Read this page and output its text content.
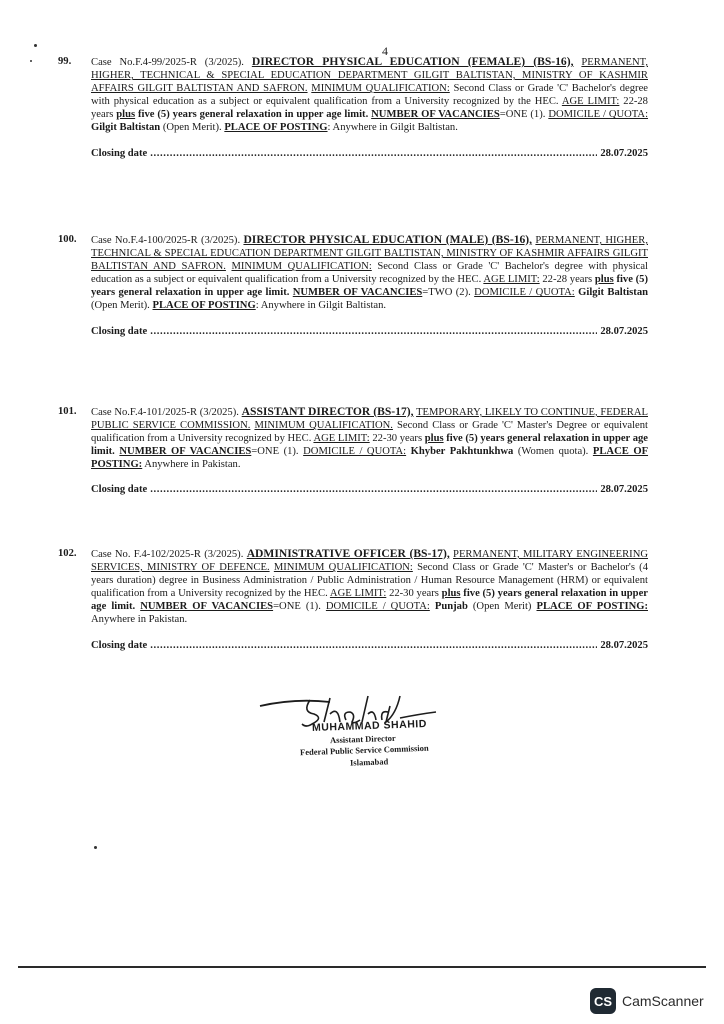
4
99. Case No.F.4-99/2025-R (3/2025). DIRECTOR PHYSICAL EDUCATION (FEMALE) (BS-16), PERMANENT, HIGHER, TECHNICAL & SPECIAL EDUCATION DEPARTMENT GILGIT BALTISTAN, MINISTRY OF KASHMIR AFFAIRS GILGIT BALTISTAN AND SAFRON. MINIMUM QUALIFICATION: Second Class or Grade 'C' Bachelor's degree with physical education as a subject or equivalent qualification from a University recognized by the HEC. AGE LIMIT: 22-28 years plus five (5) years general relaxation in upper age limit. NUMBER OF VACANCIES=ONE (1). DOMICILE / QUOTA: Gilgit Baltistan (Open Merit). PLACE OF POSTING: Anywhere in Gilgit Baltistan.
Closing date .....	28.07.2025
100. Case No.F.4-100/2025-R (3/2025). DIRECTOR PHYSICAL EDUCATION (MALE) (BS-16), PERMANENT, HIGHER, TECHNICAL & SPECIAL EDUCATION DEPARTMENT GILGIT BALTISTAN, MINISTRY OF KASHMIR AFFAIRS GILGIT BALTISTAN AND SAFRON. MINIMUM QUALIFICATION: Second Class or Grade 'C' Bachelor's degree with physical education as a subject or equivalent qualification from a University recognized by the HEC. AGE LIMIT: 22-28 years plus five (5) years general relaxation in upper age limit. NUMBER OF VACANCIES=TWO (2). DOMICILE / QUOTA: Gilgit Baltistan (Open Merit). PLACE OF POSTING: Anywhere in Gilgit Baltistan.
Closing date .....	28.07.2025
101. Case No.F.4-101/2025-R (3/2025). ASSISTANT DIRECTOR (BS-17), TEMPORARY, LIKELY TO CONTINUE, FEDERAL PUBLIC SERVICE COMMISSION. MINIMUM QUALIFICATION. Second Class or Grade 'C' Master's Degree or equivalent qualification from a University recognized by HEC. AGE LIMIT: 22-30 years plus five (5) years general relaxation in upper age limit. NUMBER OF VACANCIES=ONE (1). DOMICILE / QUOTA: Khyber Pakhtunkhwa (Women quota). PLACE OF POSTING: Anywhere in Pakistan.
Closing date .....	28.07.2025
102. Case No. F.4-102/2025-R (3/2025). ADMINISTRATIVE OFFICER (BS-17), PERMANENT, MILITARY ENGINEERING SERVICES, MINISTRY OF DEFENCE. MINIMUM QUALIFICATION: Second Class or Grade 'C' Master's or Bachelor's (4 years duration) degree in Business Administration / Public Administration / Human Resource Management (HRM) or equivalent qualification from a University recognized by the HEC. AGE LIMIT: 22-30 years plus five (5) years general relaxation in upper age limit. NUMBER OF VACANCIES=ONE (1). DOMICILE / QUOTA: Punjab (Open Merit) PLACE OF POSTING: Anywhere in Pakistan.
Closing date .....	28.07.2025
MUHAMMAD SHAHID
Assistant Director
Federal Public Service Commission
Islamabad
CS CamScanner
